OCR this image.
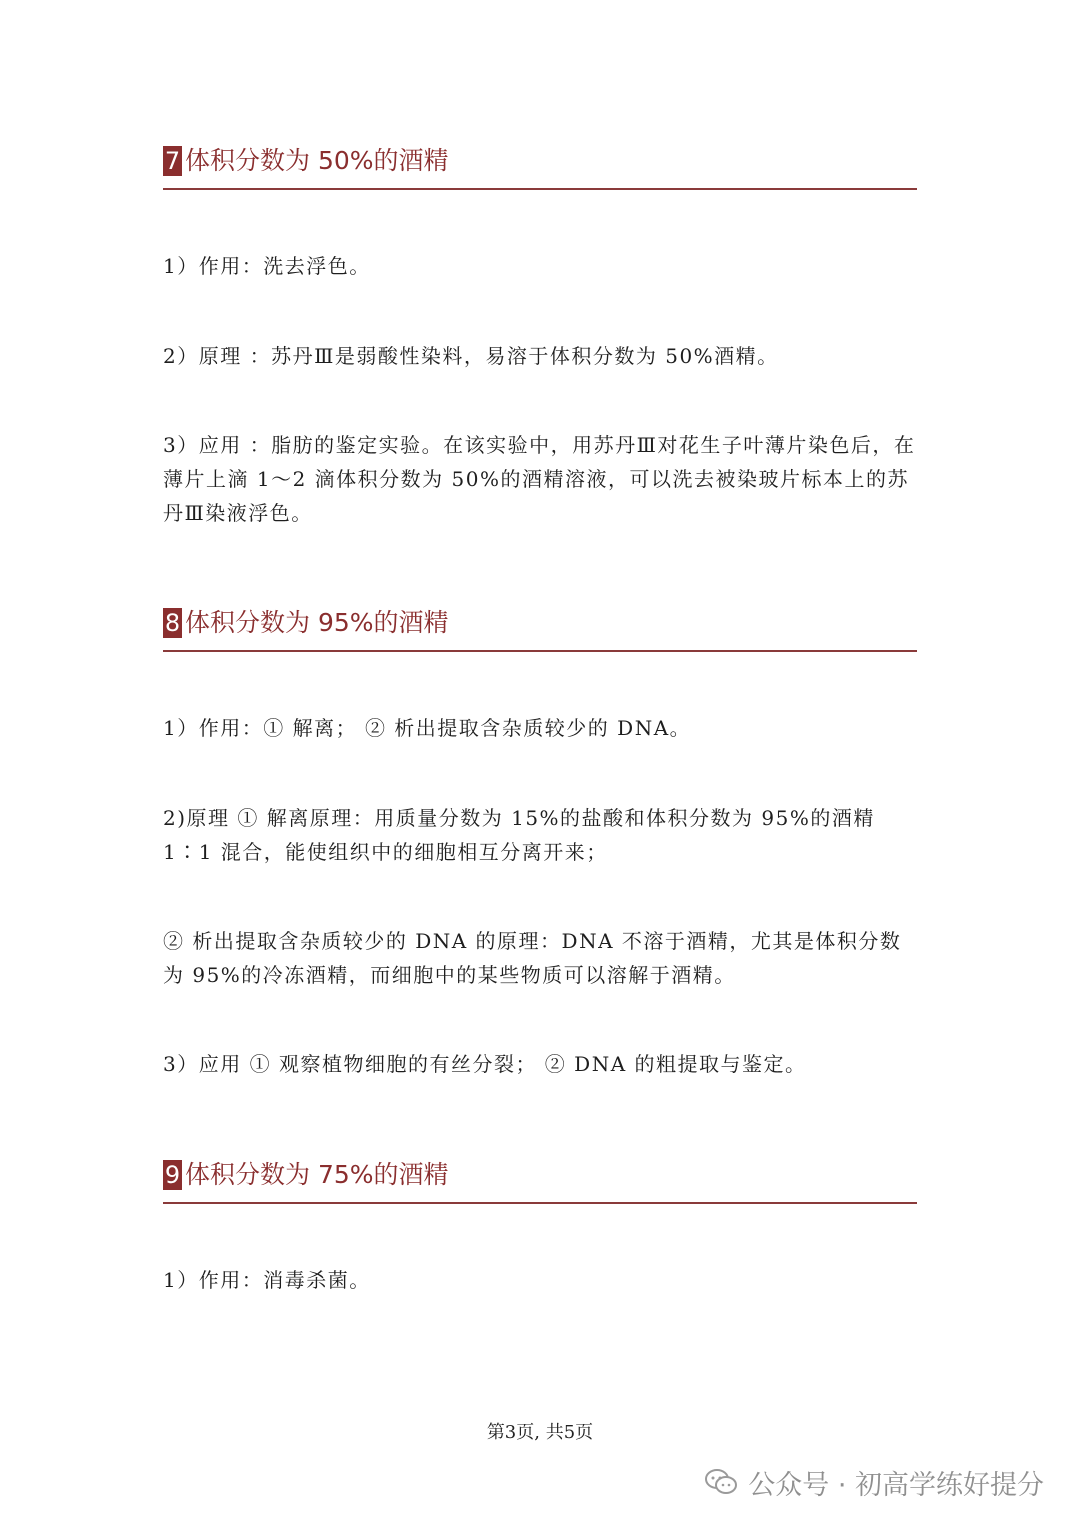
7 体积分数为 50%的酒精

1）作用：洗去浮色。

2）原理 ：苏丹Ⅲ是弱酸性染料，易溶于体积分数为 50%酒精。

3）应用 ：脂肪的鉴定实验。在该实验中，用苏丹Ⅲ对花生子叶薄片染色后，在薄片上滴 1～2 滴体积分数为 50%的酒精溶液，可以洗去被染玻片标本上的苏丹Ⅲ染液浮色。

8 体积分数为 95%的酒精

1）作用：① 解离； ② 析出提取含杂质较少的 DNA。

2)原理 ① 解离原理：用质量分数为 15%的盐酸和体积分数为 95%的酒精 1∶1 混合，能使组织中的细胞相互分离开来；

② 析出提取含杂质较少的 DNA 的原理：DNA 不溶于酒精，尤其是体积分数为 95%的冷冻酒精，而细胞中的某些物质可以溶解于酒精。

3）应用 ① 观察植物细胞的有丝分裂； ② DNA 的粗提取与鉴定。

9 体积分数为 75%的酒精

1）作用：消毒杀菌。

第3页, 共5页
公众号 · 初高学练好提分
